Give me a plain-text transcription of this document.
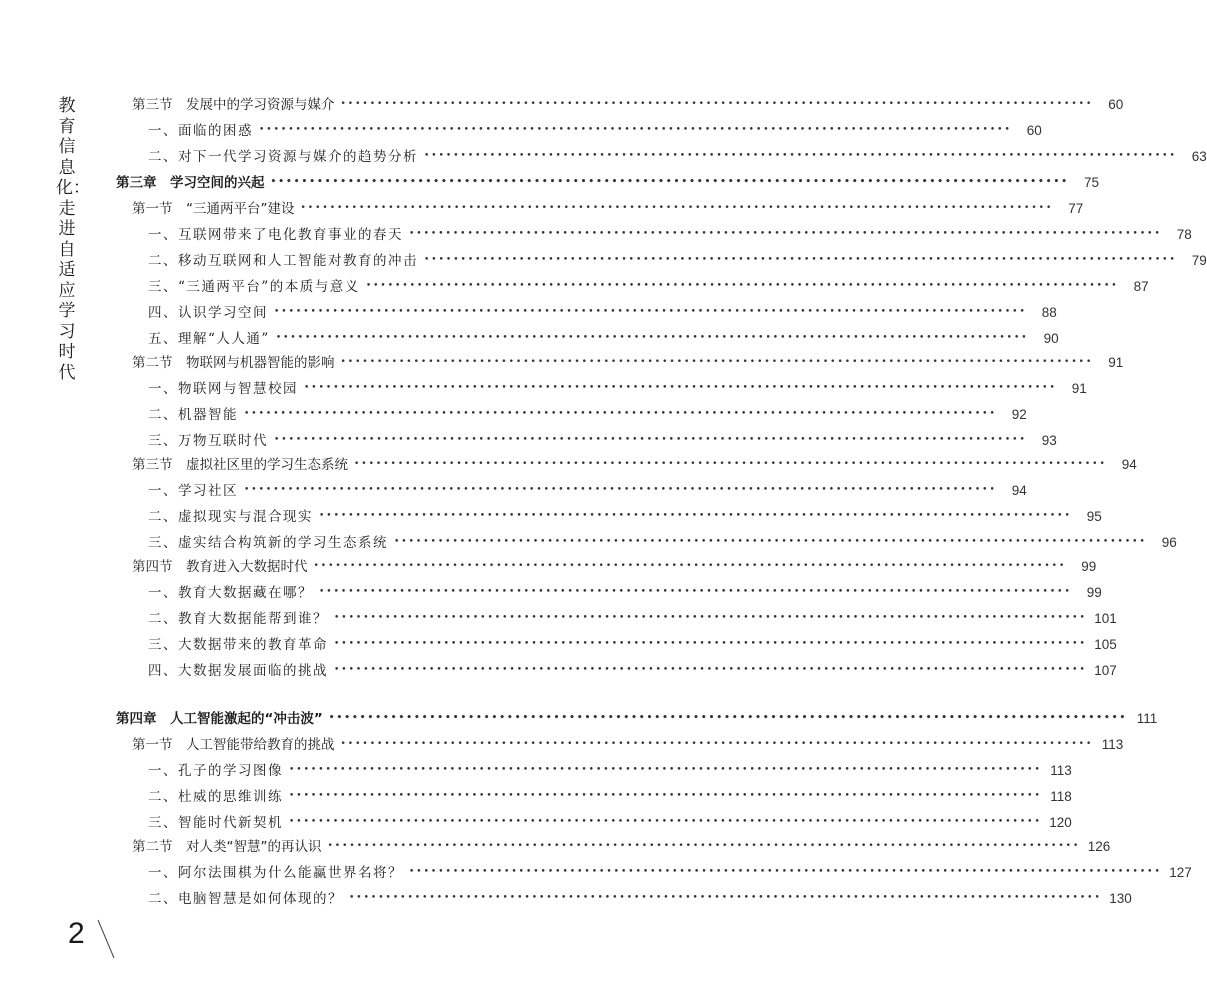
教育信息化：走进自适应学习时代
第三节　发展中的学习资源与媒介 •••••••••••••••••••••••••••••••••••••••••••••••••••••••••••••••••••••••••••••••••••••••••••••••••••••••	60
一、面临的困惑 •••••••••••••••••••••••••••••••••••••••••••••••••••••••••••••••••••••••••••••••••••••••••••••••••••••••	60
二、对下一代学习资源与媒介的趋势分析 •••••••••••••••••••••••••••••••••••••••••••••••••••••••••••••••••••••••••••••••••••••••••••••••••••••••	63
第三章　学习空间的兴起 •••••••••••••••••••••••••••••••••••••••••••••••••••••••••••••••••••••••••••••••••••••••••••••••••••••••	75
第一节　“三通两平台”建设 •••••••••••••••••••••••••••••••••••••••••••••••••••••••••••••••••••••••••••••••••••••••••••••••••••••••	77
一、互联网带来了电化教育事业的春天 •••••••••••••••••••••••••••••••••••••••••••••••••••••••••••••••••••••••••••••••••••••••••••••••••••••••	78
二、移动互联网和人工智能对教育的冲击 •••••••••••••••••••••••••••••••••••••••••••••••••••••••••••••••••••••••••••••••••••••••••••••••••••••••	79
三、“三通两平台”的本质与意义 •••••••••••••••••••••••••••••••••••••••••••••••••••••••••••••••••••••••••••••••••••••••••••••••••••••••	87
四、认识学习空间 •••••••••••••••••••••••••••••••••••••••••••••••••••••••••••••••••••••••••••••••••••••••••••••••••••••••	88
五、理解“人人通” •••••••••••••••••••••••••••••••••••••••••••••••••••••••••••••••••••••••••••••••••••••••••••••••••••••••	90
第二节　物联网与机器智能的影响 •••••••••••••••••••••••••••••••••••••••••••••••••••••••••••••••••••••••••••••••••••••••••••••••••••••••	91
一、物联网与智慧校园 •••••••••••••••••••••••••••••••••••••••••••••••••••••••••••••••••••••••••••••••••••••••••••••••••••••••	91
二、机器智能 •••••••••••••••••••••••••••••••••••••••••••••••••••••••••••••••••••••••••••••••••••••••••••••••••••••••	92
三、万物互联时代 •••••••••••••••••••••••••••••••••••••••••••••••••••••••••••••••••••••••••••••••••••••••••••••••••••••••	93
第三节　虚拟社区里的学习生态系统 •••••••••••••••••••••••••••••••••••••••••••••••••••••••••••••••••••••••••••••••••••••••••••••••••••••••	94
一、学习社区 •••••••••••••••••••••••••••••••••••••••••••••••••••••••••••••••••••••••••••••••••••••••••••••••••••••••	94
二、虚拟现实与混合现实 •••••••••••••••••••••••••••••••••••••••••••••••••••••••••••••••••••••••••••••••••••••••••••••••••••••••	95
三、虚实结合构筑新的学习生态系统 •••••••••••••••••••••••••••••••••••••••••••••••••••••••••••••••••••••••••••••••••••••••••••••••••••••••	96
第四节　教育进入大数据时代 •••••••••••••••••••••••••••••••••••••••••••••••••••••••••••••••••••••••••••••••••••••••••••••••••••••••	99
一、教育大数据藏在哪？ •••••••••••••••••••••••••••••••••••••••••••••••••••••••••••••••••••••••••••••••••••••••••••••••••••••••	99
二、教育大数据能帮到谁？ ••••••••••••••••••••••••••••••••••••••••••••••••••••••••••••••••••••••••••••••••••••••••••••••••••••••• 101
三、大数据带来的教育革命 ••••••••••••••••••••••••••••••••••••••••••••••••••••••••••••••••••••••••••••••••••••••••••••••••••••••• 105
四、大数据发展面临的挑战 ••••••••••••••••••••••••••••••••••••••••••••••••••••••••••••••••••••••••••••••••••••••••••••••••••••••• 107
第四章　人工智能激起的“冲击波” ••••••••••••••••••••••••••••••••••••••••••••••••••••••••••••••••••••••••••••••••••••••••••••••••••••••• 111
第一节　人工智能带给教育的挑战 ••••••••••••••••••••••••••••••••••••••••••••••••••••••••••••••••••••••••••••••••••••••••••••••••••••••• 113
一、孔子的学习图像 ••••••••••••••••••••••••••••••••••••••••••••••••••••••••••••••••••••••••••••••••••••••••••••••••••••••• 113
二、杜威的思维训练 ••••••••••••••••••••••••••••••••••••••••••••••••••••••••••••••••••••••••••••••••••••••••••••••••••••••• 118
三、智能时代新契机 ••••••••••••••••••••••••••••••••••••••••••••••••••••••••••••••••••••••••••••••••••••••••••••••••••••••• 120
第二节　对人类“智慧”的再认识 ••••••••••••••••••••••••••••••••••••••••••••••••••••••••••••••••••••••••••••••••••••••••••••••••••••••• 126
一、阿尔法围棋为什么能赢世界名将？ ••••••••••••••••••••••••••••••••••••••••••••••••••••••••••••••••••••••••••••••••••••••••••••••••••••••• 127
二、电脑智慧是如何体现的？ ••••••••••••••••••••••••••••••••••••••••••••••••••••••••••••••••••••••••••••••••••••••••••••••••••••••• 130
2
